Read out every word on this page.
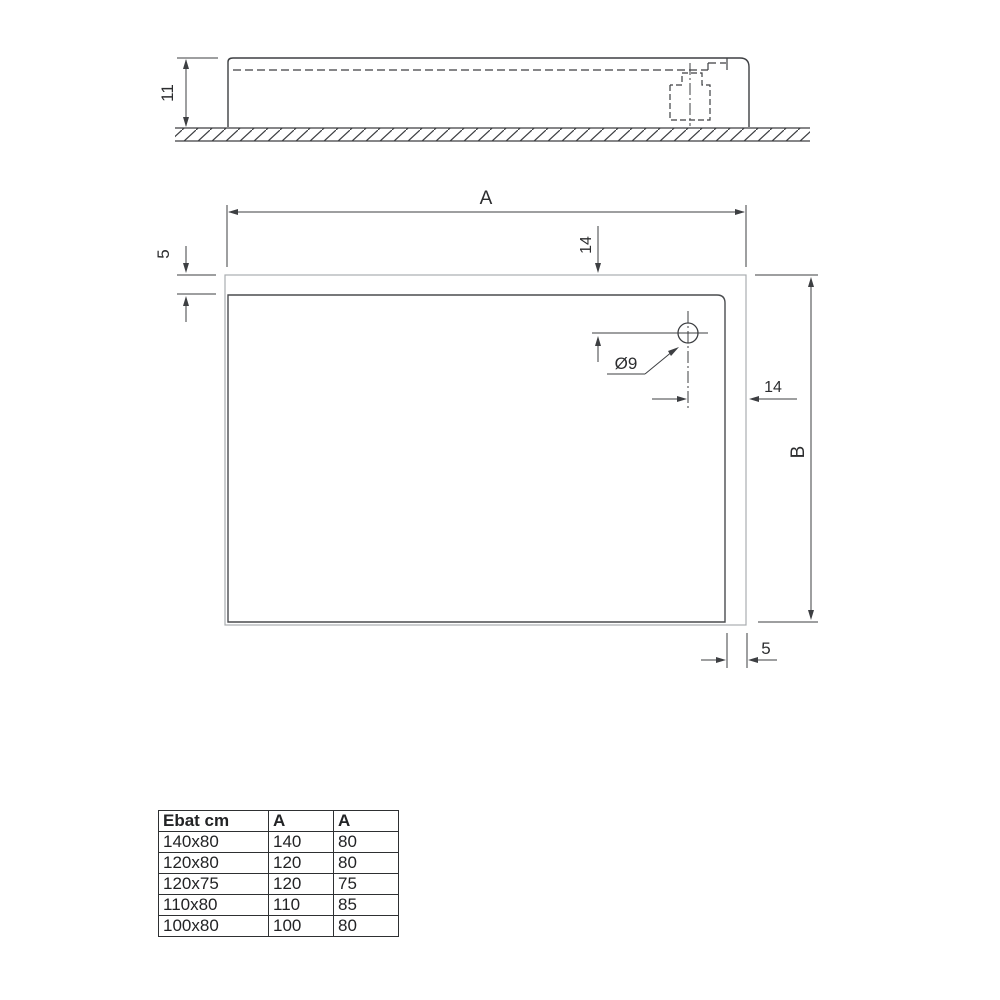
11
A
5
14
Ø9
14
B
5
Ebat cm	A	A
140x80	140	80
120x80	120	80
120x75	120	75
110x80	110	85
100x80	100	80
